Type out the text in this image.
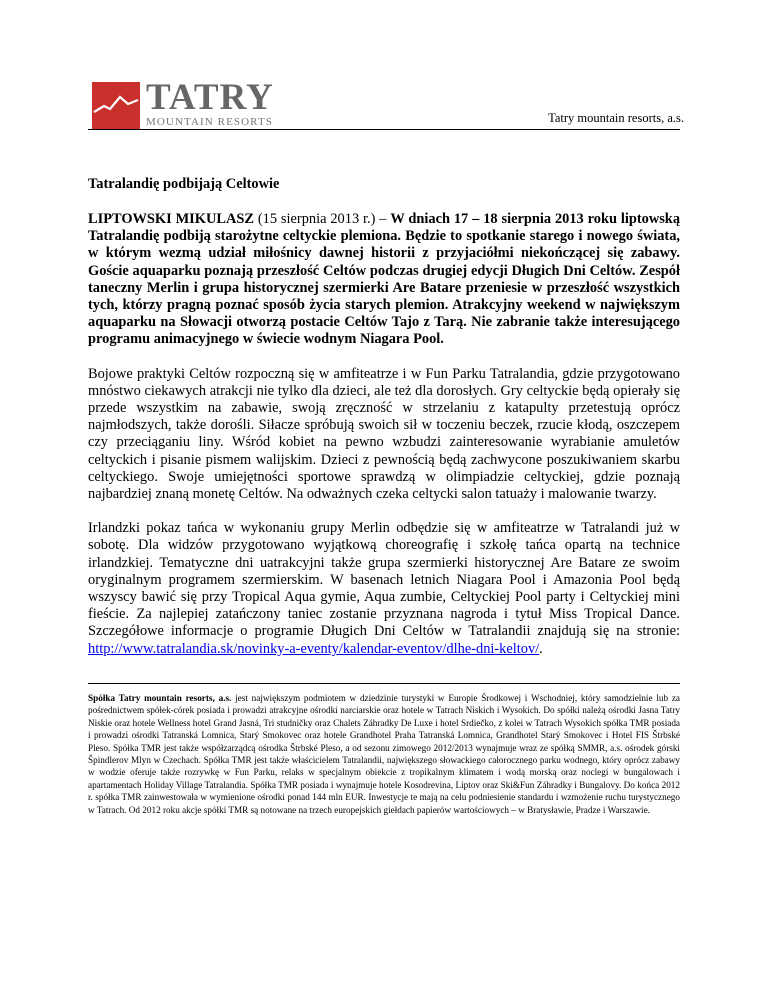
TATRY
MOUNTAIN RESORTS	Tatry mountain resorts, a.s.
Tatralandię podbijają Celtowie

LIPTOWSKI MIKULASZ (15 sierpnia 2013 r.) – W dniach 17 – 18 sierpnia 2013 roku liptowską Tatralandię podbiją starożytne celtyckie plemiona. Będzie to spotkanie starego i nowego świata, w którym wezmą udział miłośnicy dawnej historii z przyjaciółmi niekończącej się zabawy. Goście aquaparku poznają przeszłość Celtów podczas drugiej edycji Długich Dni Celtów. Zespół taneczny Merlin i grupa historycznej szermierki Are Batare przeniesie w przeszłość wszystkich tych, którzy pragną poznać sposób życia starych plemion. Atrakcyjny weekend w największym aquaparku na Słowacji otworzą postacie Celtów Tajo z Tarą. Nie zabranie także interesującego programu animacyjnego w świecie wodnym Niagara Pool.

Bojowe praktyki Celtów rozpoczną się w amfiteatrze i w Fun Parku Tatralandia, gdzie przygotowano mnóstwo ciekawych atrakcji nie tylko dla dzieci, ale też dla dorosłych. Gry celtyckie będą opierały się przede wszystkim na zabawie, swoją zręczność w strzelaniu z katapulty przetestują oprócz najmłodszych, także dorośli. Siłacze spróbują swoich sił w toczeniu beczek, rzucie kłodą, oszczepem czy przeciąganiu liny. Wśród kobiet na pewno wzbudzi zainteresowanie wyrabianie amuletów celtyckich i pisanie pismem walijskim. Dzieci z pewnością będą zachwycone poszukiwaniem skarbu celtyckiego. Swoje umiejętności sportowe sprawdzą w olimpiadzie celtyckiej, gdzie poznają najbardziej znaną monetę Celtów. Na odważnych czeka celtycki salon tatuaży i malowanie twarzy.

Irlandzki pokaz tańca w wykonaniu grupy Merlin odbędzie się w amfiteatrze w Tatralandi już w sobotę. Dla widzów przygotowano wyjątkową choreografię i szkołę tańca opartą na technice irlandzkiej. Tematyczne dni uatrakcyjni także grupa szermierki historycznej Are Batare ze swoim oryginalnym programem szermierskim. W basenach letnich Niagara Pool i Amazonia Pool będą wszyscy bawić się przy Tropical Aqua gymie, Aqua zumbie, Celtyckiej Pool party i Celtyckiej mini fieście. Za najlepiej zatańczony taniec zostanie przyznana nagroda i tytuł Miss Tropical Dance. Szczegółowe informacje o programie Długich Dni Celtów w Tatralandii znajdują się na stronie: http://www.tatralandia.sk/novinky-a-eventy/kalendar-eventov/dlhe-dni-keltov/.

Spółka Tatry mountain resorts, a.s. jest największym podmiotem w dziedzinie turystyki w Europie Środkowej i Wschodniej, który samodzielnie lub za pośrednictwem spółek-córek posiada i prowadzi atrakcyjne ośrodki narciarskie oraz hotele w Tatrach Niskich i Wysokich. Do spółki należą ośrodki Jasna Tatry Niskie oraz hotele Wellness hotel Grand Jasná, Tri studničky oraz Chalets Záhradky De Luxe i hotel Srdiečko, z kolei w Tatrach Wysokich spółka TMR posiada i prowadzi ośrodki Tatranská Lomnica, Starý Smokovec oraz hotele Grandhotel Praha Tatranská Lomnica, Grandhotel Starý Smokovec i Hotel FIS Štrbské Pleso. Spółka TMR jest także współzarządcą ośrodka Štrbské Pleso, a od sezonu zimowego 2012/2013 wynajmuje wraz ze spółką SMMR, a.s. ośrodek górski Špindlerov Mlyn w Czechach. Spółka TMR jest także właścicielem Tatralandii, największego słowackiego całorocznego parku wodnego, który oprócz zabawy w wodzie oferuje także rozrywkę w Fun Parku, relaks w specjalnym obiekcie z tropikalnym klimatem i wodą morską oraz noclegi w bungalowach i apartamentach Holiday Village Tatralandia. Spółka TMR posiada i wynajmuje hotele Kosodrevina, Liptov oraz Ski&Fun Záhradky i Bungalovy. Do końca 2012 r. spółka TMR zainwestowała w wymienione ośrodki ponad 144 mln EUR. Inwestycje te mają na celu podniesienie standardu i wzmożenie ruchu turystycznego w Tatrach. Od 2012 roku akcje spółki TMR są notowane na trzech europejskich giełdach papierów wartościowych – w Bratysławie, Pradze i Warszawie.
